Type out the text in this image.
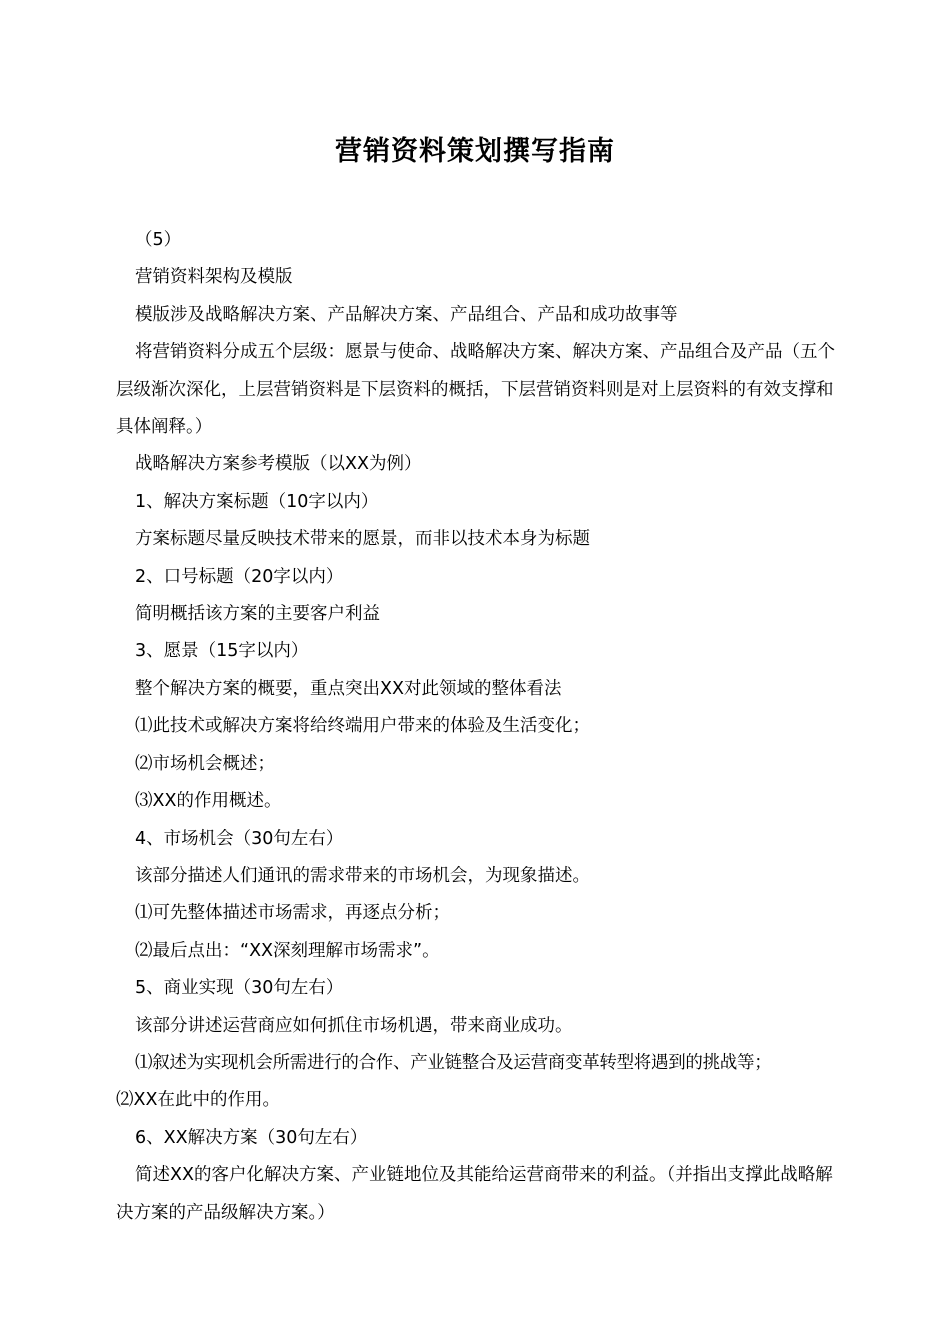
营销资料策划撰写指南

（5）

营销资料架构及模版

模版涉及战略解决方案、产品解决方案、产品组合、产品和成功故事等

将营销资料分成五个层级：愿景与使命、战略解决方案、解决方案、产品组合及产品（五个层级渐次深化，上层营销资料是下层资料的概括，下层营销资料则是对上层资料的有效支撑和具体阐释。）

战略解决方案参考模版（以XX为例）

1、解决方案标题（10字以内）

方案标题尽量反映技术带来的愿景，而非以技术本身为标题

2、口号标题（20字以内）

简明概括该方案的主要客户利益

3、愿景（15字以内）

整个解决方案的概要，重点突出XX对此领域的整体看法

⑴此技术或解决方案将给终端用户带来的体验及生活变化；

⑵市场机会概述；

⑶XX的作用概述。

4、市场机会（30句左右）

该部分描述人们通讯的需求带来的市场机会，为现象描述。

⑴可先整体描述市场需求，再逐点分析；

⑵最后点出：“XX深刻理解市场需求”。

5、商业实现（30句左右）

该部分讲述运营商应如何抓住市场机遇，带来商业成功。

⑴叙述为实现机会所需进行的合作、产业链整合及运营商变革转型将遇到的挑战等；

⑵XX在此中的作用。

6、XX解决方案（30句左右）

简述XX的客户化解决方案、产业链地位及其能给运营商带来的利益。（并指出支撑此战略解决方案的产品级解决方案。）
